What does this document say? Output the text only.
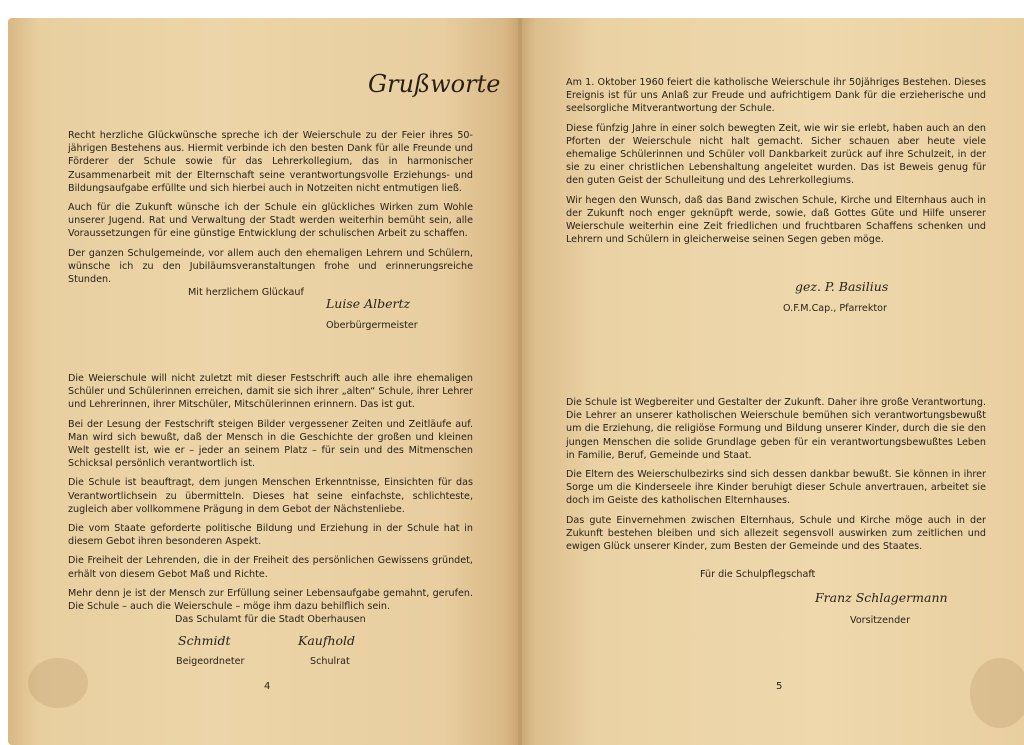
Grußworte

Recht herzliche Glückwünsche spreche ich der Weierschule zu der Feier ihres 50-jährigen Bestehens aus. Hiermit verbinde ich den besten Dank für alle Freunde und Förderer der Schule sowie für das Lehrerkollegium, das in harmonischer Zusammenarbeit mit der Elternschaft seine verantwortungsvolle Erziehungs- und Bildungsaufgabe erfüllte und sich hierbei auch in Notzeiten nicht entmutigen ließ.

Auch für die Zukunft wünsche ich der Schule ein glückliches Wirken zum Wohle unserer Jugend. Rat und Verwaltung der Stadt werden weiterhin bemüht sein, alle Voraussetzungen für eine günstige Entwicklung der schulischen Arbeit zu schaffen.

Der ganzen Schulgemeinde, vor allem auch den ehemaligen Lehrern und Schülern, wünsche ich zu den Jubiläumsveranstaltungen frohe und erinnerungsreiche Stunden.

Mit herzlichem Glückauf
Luise Albertz
Oberbürgermeister

Die Weierschule will nicht zuletzt mit dieser Festschrift auch alle ihre ehemaligen Schüler und Schülerinnen erreichen, damit sie sich ihrer „alten“ Schule, ihrer Lehrer und Lehrerinnen, ihrer Mitschüler, Mitschülerinnen erinnern. Das ist gut.

Bei der Lesung der Festschrift steigen Bilder vergessener Zeiten und Zeitläufe auf. Man wird sich bewußt, daß der Mensch in die Geschichte der großen und kleinen Welt gestellt ist, wie er – jeder an seinem Platz – für sein und des Mitmenschen Schicksal persönlich verantwortlich ist.

Die Schule ist beauftragt, dem jungen Menschen Erkenntnisse, Einsichten für das Verantwortlichsein zu übermitteln. Dieses hat seine einfachste, schlichteste, zugleich aber vollkommene Prägung in dem Gebot der Nächstenliebe.

Die vom Staate geforderte politische Bildung und Erziehung in der Schule hat in diesem Gebot ihren besonderen Aspekt.

Die Freiheit der Lehrenden, die in der Freiheit des persönlichen Gewissens gründet, erhält von diesem Gebot Maß und Richte.

Mehr denn je ist der Mensch zur Erfüllung seiner Lebensaufgabe gemahnt, gerufen. Die Schule – auch die Weierschule – möge ihm dazu behilflich sein.

Das Schulamt für die Stadt Oberhausen
Schmidt
Beigeordneter
Kaufhold
Schulrat
4

Am 1. Oktober 1960 feiert die katholische Weierschule ihr 50jähriges Bestehen. Dieses Ereignis ist für uns Anlaß zur Freude und aufrichtigem Dank für die erzieherische und seelsorgliche Mitverantwortung der Schule.

Diese fünfzig Jahre in einer solch bewegten Zeit, wie wir sie erlebt, haben auch an den Pforten der Weierschule nicht halt gemacht. Sicher schauen aber heute viele ehemalige Schülerinnen und Schüler voll Dankbarkeit zurück auf ihre Schulzeit, in der sie zu einer christlichen Lebenshaltung angeleitet wurden. Das ist Beweis genug für den guten Geist der Schulleitung und des Lehrerkollegiums.

Wir hegen den Wunsch, daß das Band zwischen Schule, Kirche und Elternhaus auch in der Zukunft noch enger geknüpft werde, sowie, daß Gottes Güte und Hilfe unserer Weierschule weiterhin eine Zeit friedlichen und fruchtbaren Schaffens schenken und Lehrern und Schülern in gleicherweise seinen Segen geben möge.

gez. P. Basilius
O.F.M.Cap., Pfarrektor

Die Schule ist Wegbereiter und Gestalter der Zukunft. Daher ihre große Verantwortung. Die Lehrer an unserer katholischen Weierschule bemühen sich verantwortungsbewußt um die Erziehung, die religiöse Formung und Bildung unserer Kinder, durch die sie den jungen Menschen die solide Grundlage geben für ein verantwortungsbewußtes Leben in Familie, Beruf, Gemeinde und Staat.

Die Eltern des Weierschulbezirks sind sich dessen dankbar bewußt. Sie können in ihrer Sorge um die Kinderseele ihre Kinder beruhigt dieser Schule anvertrauen, arbeitet sie doch im Geiste des katholischen Elternhauses.

Das gute Einvernehmen zwischen Elternhaus, Schule und Kirche möge auch in der Zukunft bestehen bleiben und sich allezeit segensvoll auswirken zum zeitlichen und ewigen Glück unserer Kinder, zum Besten der Gemeinde und des Staates.

Für die Schulpflegschaft
Franz Schlagermann
Vorsitzender
5
